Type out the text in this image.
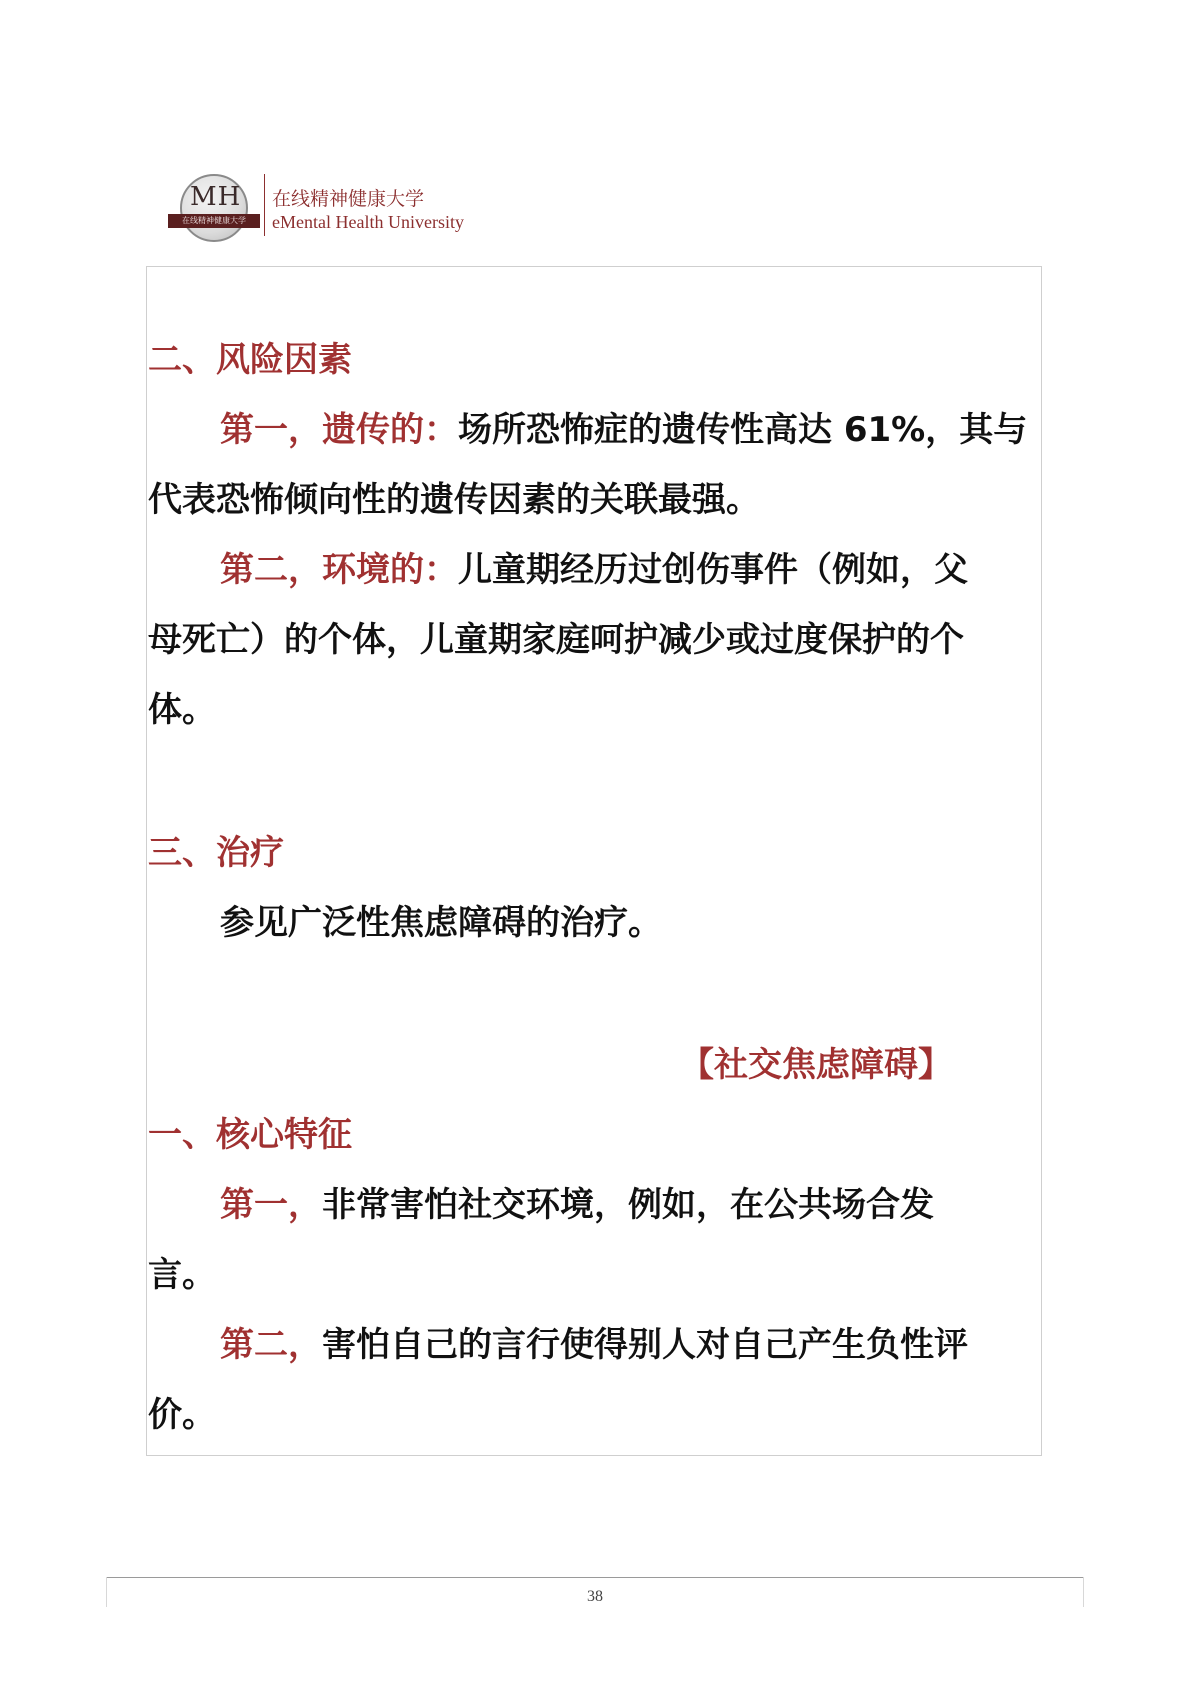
MH
在线精神健康大学
在线精神健康大学
eMental Health University
二、风险因素
第一，遗传的：场所恐怖症的遗传性高达 61%，其与
代表恐怖倾向性的遗传因素的关联最强。
第二，环境的：儿童期经历过创伤事件（例如，父
母死亡）的个体，儿童期家庭呵护减少或过度保护的个
体。
三、治疗
参见广泛性焦虑障碍的治疗。
【社交焦虑障碍】
一、核心特征
第一，非常害怕社交环境，例如，在公共场合发
言。
第二，害怕自己的言行使得别人对自己产生负性评
价。
38
